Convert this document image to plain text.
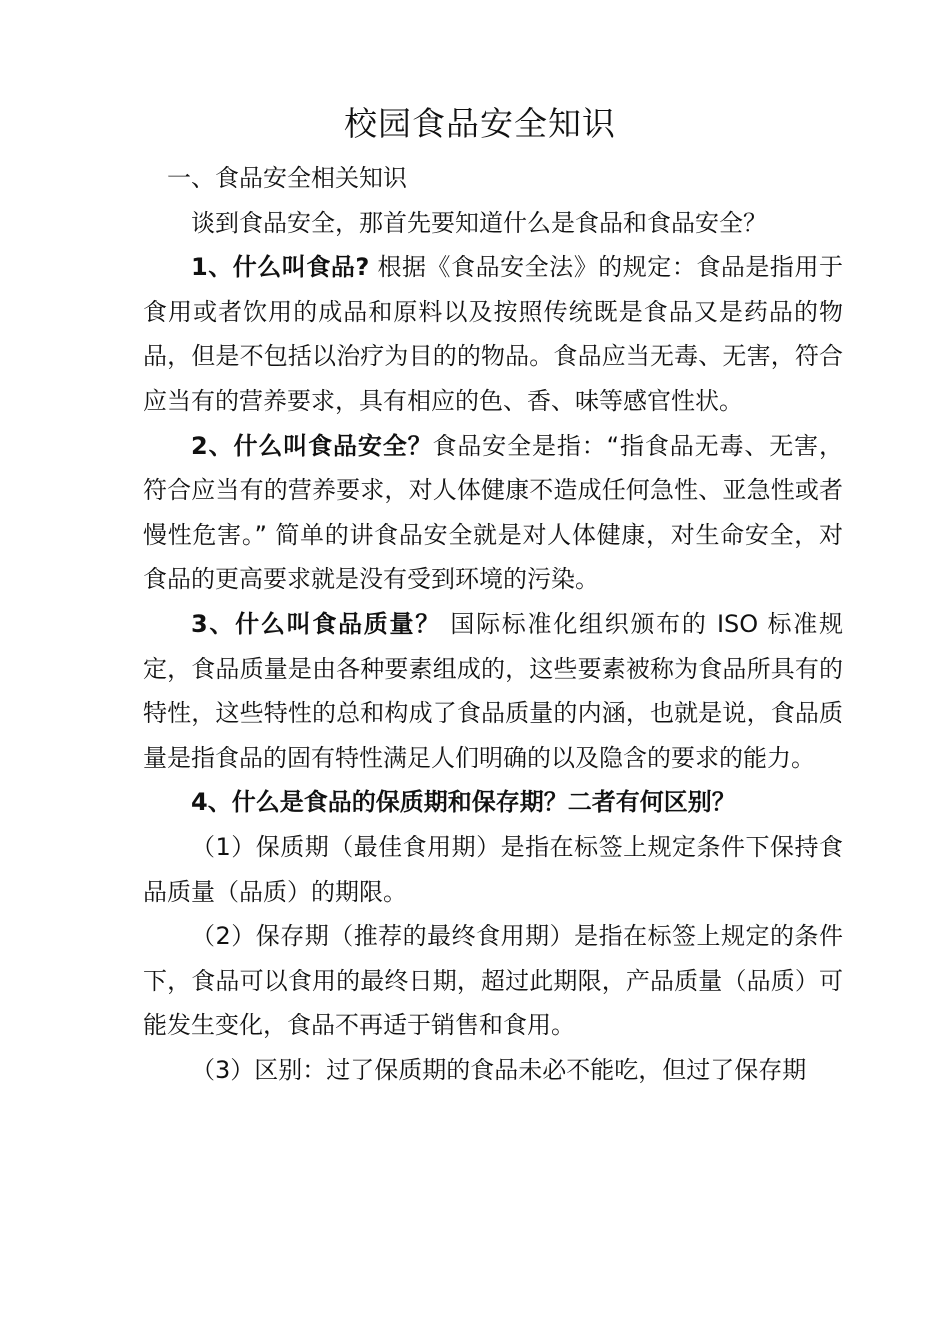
校园食品安全知识

一、食品安全相关知识

谈到食品安全，那首先要知道什么是食品和食品安全？

1、什么叫食品? 根据《食品安全法》的规定：食品是指用于食用或者饮用的成品和原料以及按照传统既是食品又是药品的物品，但是不包括以治疗为目的的物品。食品应当无毒、无害，符合应当有的营养要求，具有相应的色、香、味等感官性状。

2、什么叫食品安全？食品安全是指：“指食品无毒、无害，符合应当有的营养要求，对人体健康不造成任何急性、亚急性或者慢性危害。” 简单的讲食品安全就是对人体健康，对生命安全，对食品的更高要求就是没有受到环境的污染。

3、什么叫食品质量？ 国际标准化组织颁布的 ISO 标准规定，食品质量是由各种要素组成的，这些要素被称为食品所具有的特性，这些特性的总和构成了食品质量的内涵，也就是说，食品质量是指食品的固有特性满足人们明确的以及隐含的要求的能力。

4、什么是食品的保质期和保存期？二者有何区别？

（1）保质期（最佳食用期）是指在标签上规定条件下保持食品质量（品质）的期限。

（2）保存期（推荐的最终食用期）是指在标签上规定的条件下，食品可以食用的最终日期，超过此期限，产品质量（品质）可能发生变化，食品不再适于销售和食用。

（3）区别：过了保质期的食品未必不能吃，但过了保存期
